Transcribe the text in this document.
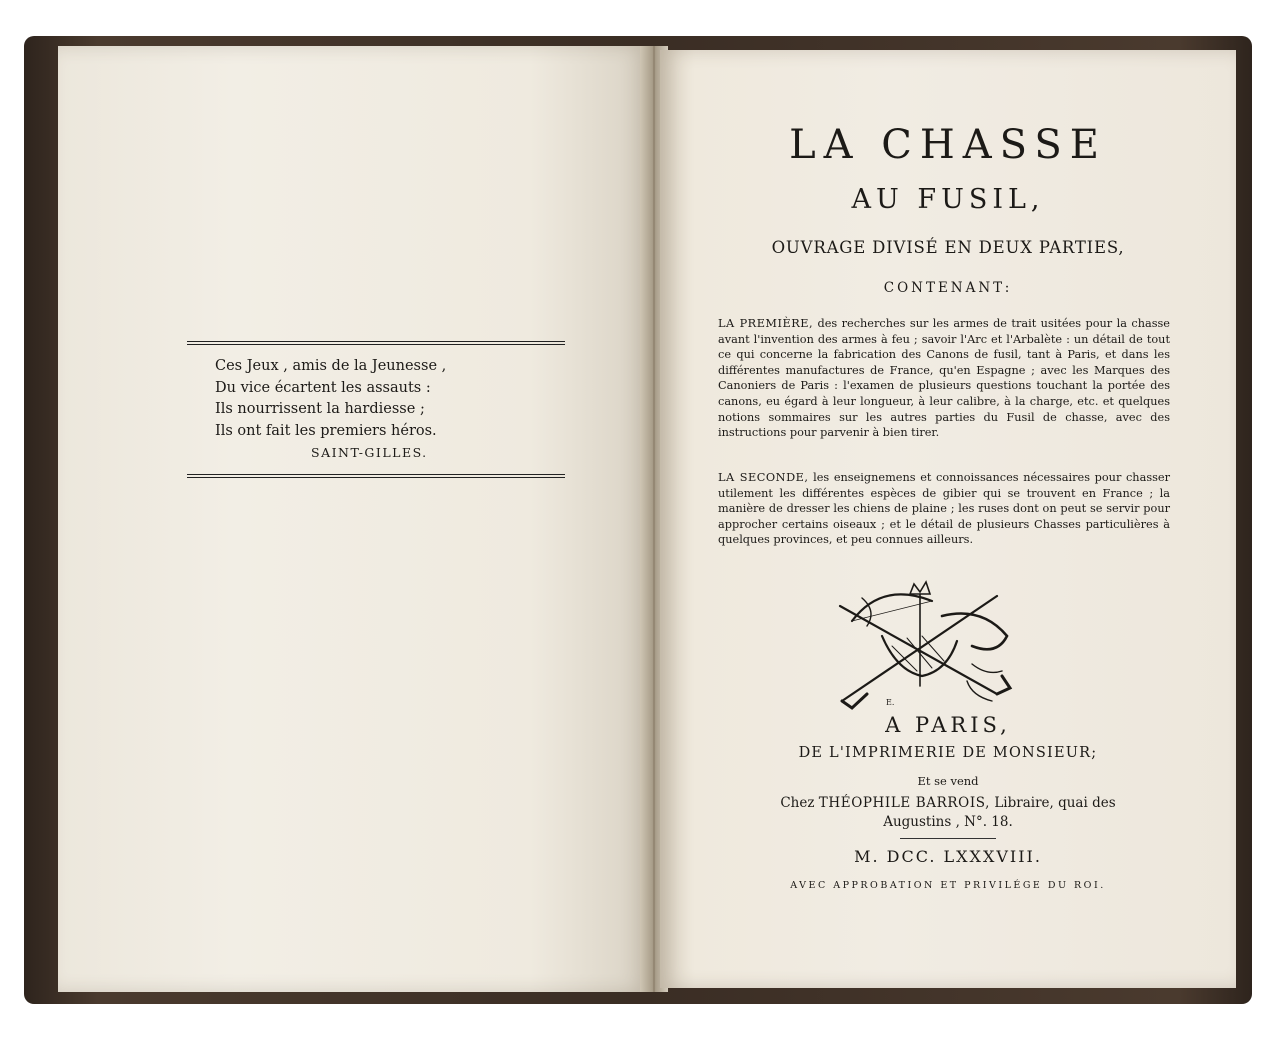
Ces Jeux , amis de la Jeunesse ,
Du vice écartent les assauts :
Ils nourrissent la hardiesse ;
Ils ont fait les premiers héros.
SAINT-GILLES.
LA CHASSE
AU FUSIL,
OUVRAGE DIVISÉ EN DEUX PARTIES,
CONTENANT:
LA PREMIÈRE, des recherches sur les armes de trait usitées pour la chasse avant l'invention des armes à feu ; savoir l'Arc et l'Arbalète : un détail de tout ce qui concerne la fabrication des Canons de fusil, tant à Paris, et dans les différentes manufactures de France, qu'en Espagne ; avec les Marques des Canoniers de Paris : l'examen de plusieurs questions touchant la portée des canons, eu égard à leur longueur, à leur calibre, à la charge, etc. et quelques notions sommaires sur les autres parties du Fusil de chasse, avec des instructions pour parvenir à bien tirer.
LA SECONDE, les enseignemens et connoissances nécessaires pour chasser utilement les différentes espèces de gibier qui se trouvent en France ; la manière de dresser les chiens de plaine ; les ruses dont on peut se servir pour approcher certains oiseaux ; et le détail de plusieurs Chasses particulières à quelques provinces, et peu connues ailleurs.
E.
A PARIS,
DE L'IMPRIMERIE DE MONSIEUR;
Et se vend
Chez THÉOPHILE BARROIS, Libraire, quai des
Augustins , N°. 18.
M. DCC. LXXXVIII.
AVEC APPROBATION ET PRIVILÉGE DU ROI.
